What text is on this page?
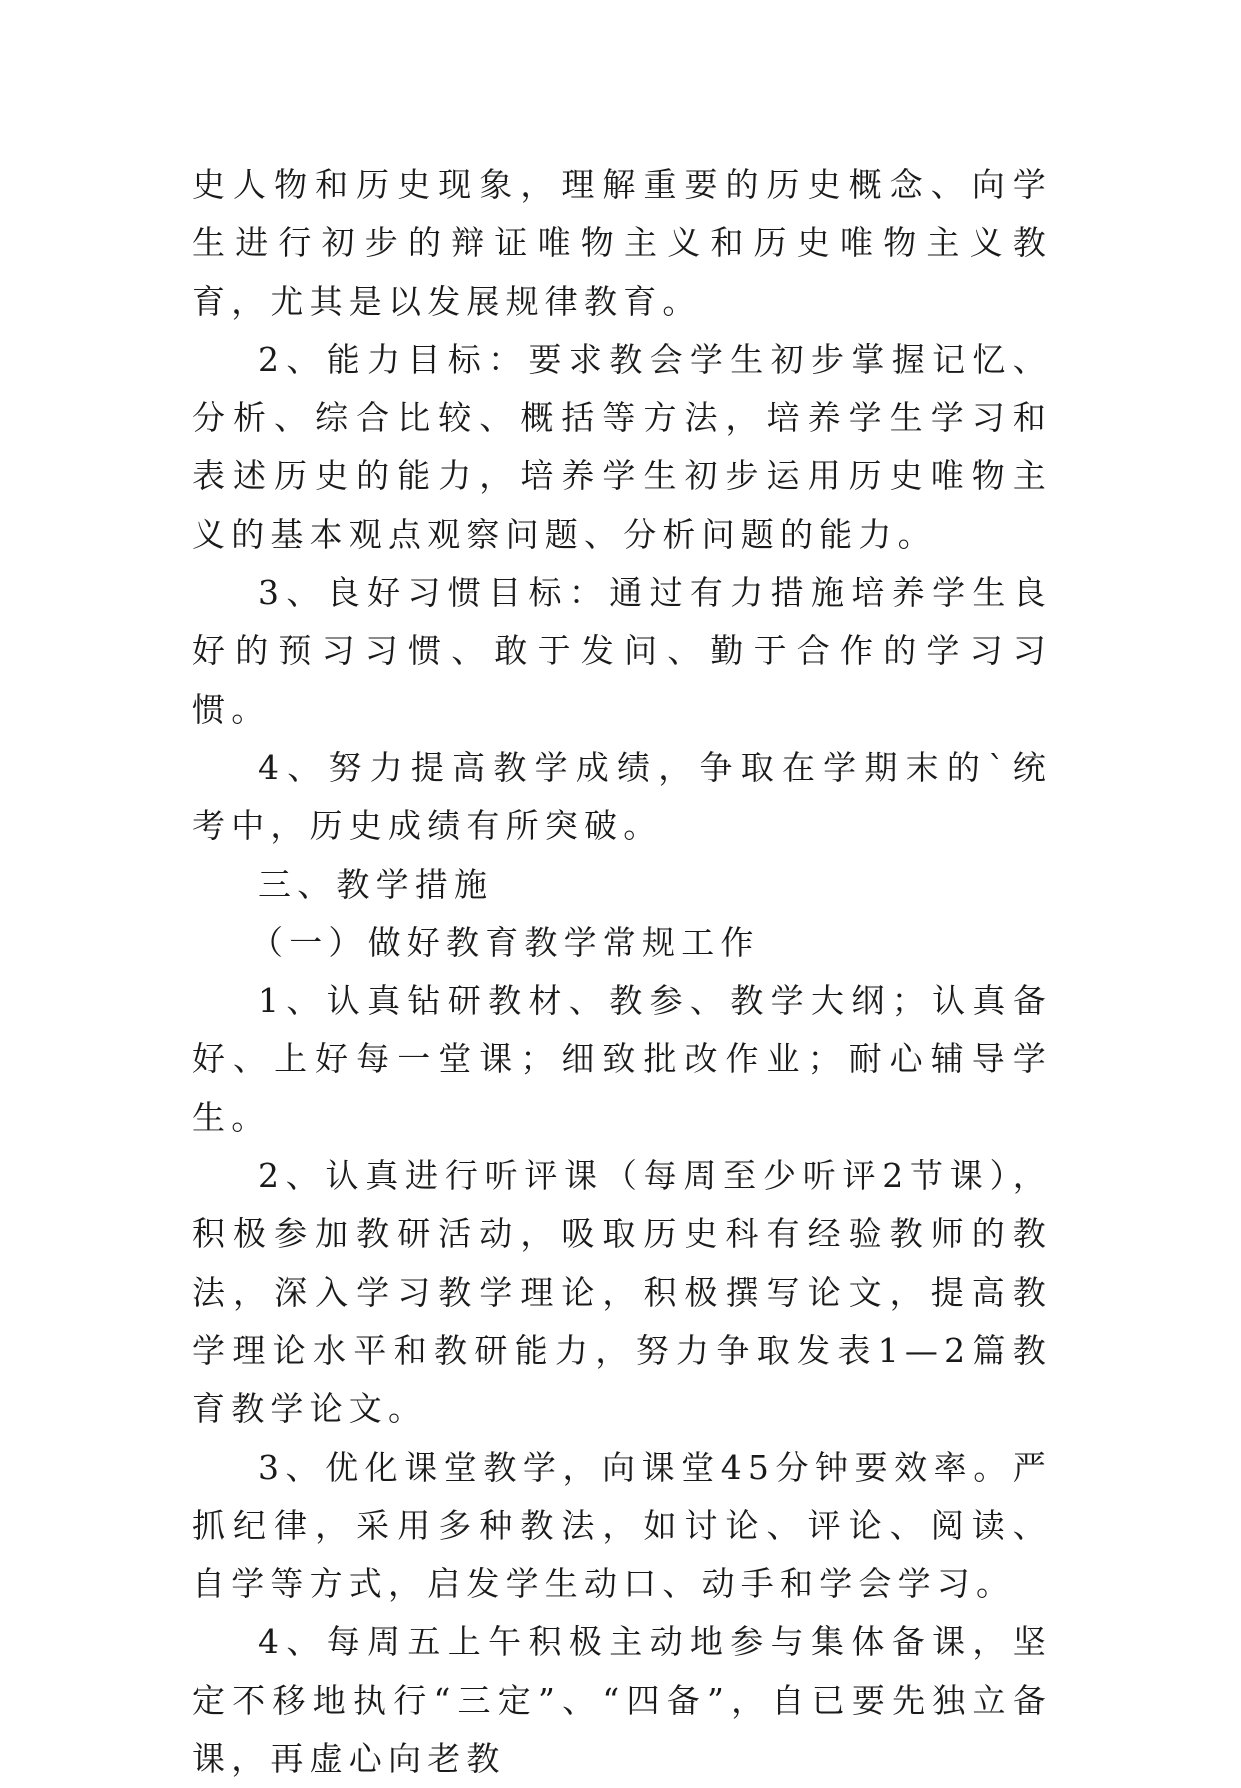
史人物和历史现象，理解重要的历史概念、向学生进行初步的辩证唯物主义和历史唯物主义教育，尤其是以发展规律教育。

2、能力目标：要求教会学生初步掌握记忆、分析、综合比较、概括等方法，培养学生学习和表述历史的能力，培养学生初步运用历史唯物主义的基本观点观察问题、分析问题的能力。

3、良好习惯目标：通过有力措施培养学生良好的预习习惯、敢于发问、勤于合作的学习习惯。

4、努力提高教学成绩，争取在学期末的`统考中，历史成绩有所突破。

三、教学措施

（一）做好教育教学常规工作

1、认真钻研教材、教参、教学大纲；认真备好、上好每一堂课；细致批改作业；耐心辅导学生。

2、认真进行听评课（每周至少听评2节课），积极参加教研活动，吸取历史科有经验教师的教法，深入学习教学理论，积极撰写论文，提高教学理论水平和教研能力，努力争取发表1—2篇教育教学论文。

3、优化课堂教学，向课堂45分钟要效率。严抓纪律，采用多种教法，如讨论、评论、阅读、自学等方式，启发学生动口、动手和学会学习。

4、每周五上午积极主动地参与集体备课，坚定不移地执行“三定”、“四备”，自已要先独立备课，再虚心向老教
